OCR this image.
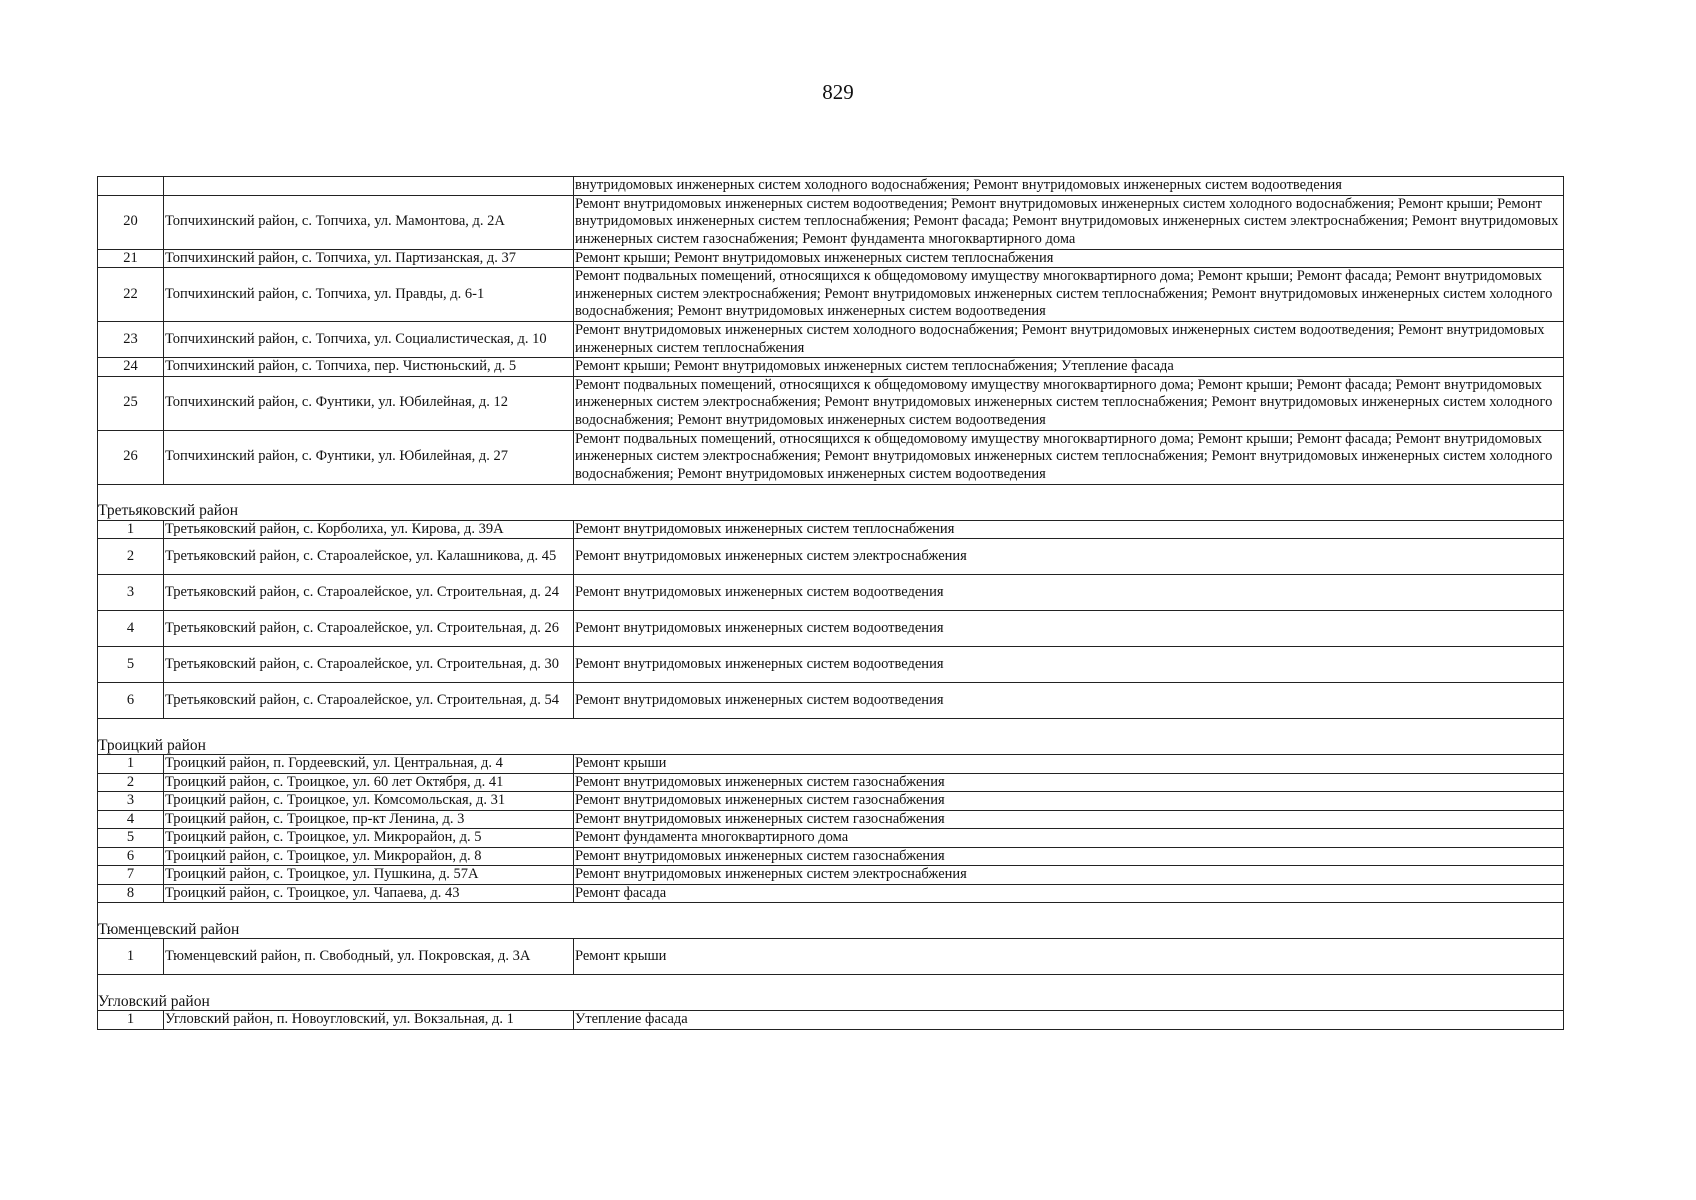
829
		внутридомовых инженерных систем холодного водоснабжения; Ремонт внутридомовых инженерных систем водоотведения
20	Топчихинский район, с. Топчиха, ул. Мамонтова, д. 2А	Ремонт внутридомовых инженерных систем водоотведения; Ремонт внутридомовых инженерных систем холодного водоснабжения; Ремонт крыши; Ремонт внутридомовых инженерных систем теплоснабжения; Ремонт фасада; Ремонт внутридомовых инженерных систем электроснабжения; Ремонт внутридомовых инженерных систем газоснабжения; Ремонт фундамента многоквартирного дома
21	Топчихинский район, с. Топчиха, ул. Партизанская, д. 37	Ремонт крыши; Ремонт внутридомовых инженерных систем теплоснабжения
22	Топчихинский район, с. Топчиха, ул. Правды, д. 6-1	Ремонт подвальных помещений, относящихся к общедомовому имуществу многоквартирного дома; Ремонт крыши; Ремонт фасада; Ремонт внутридомовых инженерных систем электроснабжения; Ремонт внутридомовых инженерных систем теплоснабжения; Ремонт внутридомовых инженерных систем холодного водоснабжения; Ремонт внутридомовых инженерных систем водоотведения
23	Топчихинский район, с. Топчиха, ул. Социалистическая, д. 10	Ремонт внутридомовых инженерных систем холодного водоснабжения; Ремонт внутридомовых инженерных систем водоотведения; Ремонт внутридомовых инженерных систем теплоснабжения
24	Топчихинский район, с. Топчиха, пер. Чистюньский, д. 5	Ремонт крыши; Ремонт внутридомовых инженерных систем теплоснабжения; Утепление фасада
25	Топчихинский район, с. Фунтики, ул. Юбилейная, д. 12	Ремонт подвальных помещений, относящихся к общедомовому имуществу многоквартирного дома; Ремонт крыши; Ремонт фасада; Ремонт внутридомовых инженерных систем электроснабжения; Ремонт внутридомовых инженерных систем теплоснабжения; Ремонт внутридомовых инженерных систем холодного водоснабжения; Ремонт внутридомовых инженерных систем водоотведения
26	Топчихинский район, с. Фунтики, ул. Юбилейная, д. 27	Ремонт подвальных помещений, относящихся к общедомовому имуществу многоквартирного дома; Ремонт крыши; Ремонт фасада; Ремонт внутридомовых инженерных систем электроснабжения; Ремонт внутридомовых инженерных систем теплоснабжения; Ремонт внутридомовых инженерных систем холодного водоснабжения; Ремонт внутридомовых инженерных систем водоотведения
Третьяковский район		
1	Третьяковский район, с. Корболиха, ул. Кирова, д. 39А	Ремонт внутридомовых инженерных систем теплоснабжения
2	Третьяковский район, с. Староалейское, ул. Калашникова, д. 45	Ремонт внутридомовых инженерных систем электроснабжения
3	Третьяковский район, с. Староалейское, ул. Строительная, д. 24	Ремонт внутридомовых инженерных систем водоотведения
4	Третьяковский район, с. Староалейское, ул. Строительная, д. 26	Ремонт внутридомовых инженерных систем водоотведения
5	Третьяковский район, с. Староалейское, ул. Строительная, д. 30	Ремонт внутридомовых инженерных систем водоотведения
6	Третьяковский район, с. Староалейское, ул. Строительная, д. 54	Ремонт внутридомовых инженерных систем водоотведения
Троицкий район		
1	Троицкий район, п. Гордеевский, ул. Центральная, д. 4	Ремонт крыши
2	Троицкий район, с. Троицкое, ул. 60 лет Октября, д. 41	Ремонт внутридомовых инженерных систем газоснабжения
3	Троицкий район, с. Троицкое, ул. Комсомольская, д. 31	Ремонт внутридомовых инженерных систем газоснабжения
4	Троицкий район, с. Троицкое, пр-кт Ленина, д. 3	Ремонт внутридомовых инженерных систем газоснабжения
5	Троицкий район, с. Троицкое, ул. Микрорайон, д. 5	Ремонт фундамента многоквартирного дома
6	Троицкий район, с. Троицкое, ул. Микрорайон, д. 8	Ремонт внутридомовых инженерных систем газоснабжения
7	Троицкий район, с. Троицкое, ул. Пушкина, д. 57А	Ремонт внутридомовых инженерных систем электроснабжения
8	Троицкий район, с. Троицкое, ул. Чапаева, д. 43	Ремонт фасада
Тюменцевский район		
1	Тюменцевский район, п. Свободный, ул. Покровская, д. 3А	Ремонт крыши
Угловский район		
1	Угловский район, п. Новоугловский, ул. Вокзальная, д. 1	Утепление фасада
